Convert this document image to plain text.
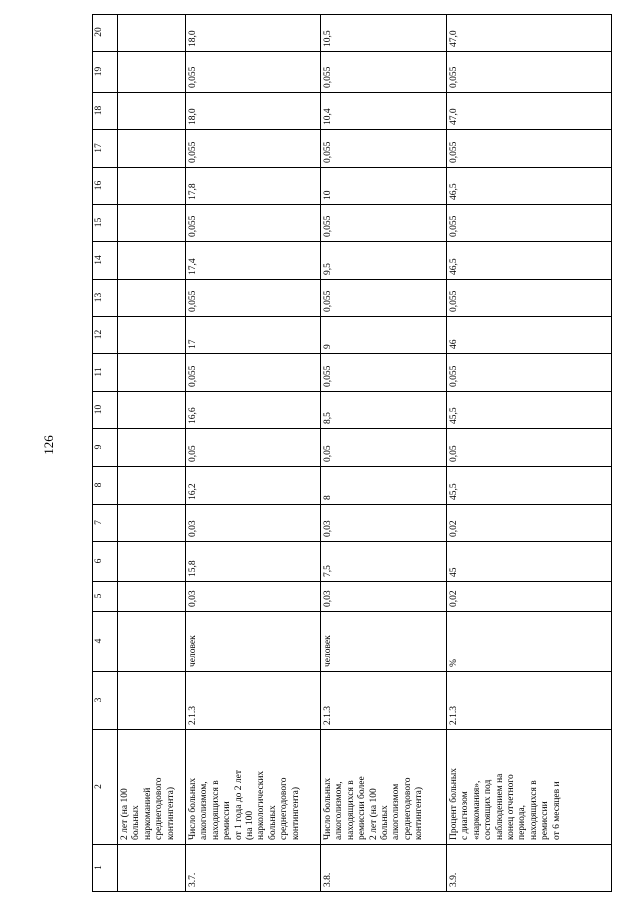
126
1
2
3
4
5
6
7
8
9
10
11
12
13
14
15
16
17
18
19
20
2 лет (на 100
больных
наркоманией
среднегодового
контингента)
3.7.
Число больных
алкоголизмом,
находящихся в
ремиссии
от 1 года до 2 лет
(на 100
наркологических
больных
среднегодового
контингента)
2.1.3
человек
0,03
15,8
0,03
16,2
0,05
16,6
0,055
17
0,055
17,4
0,055
17,8
0,055
18,0
0,055
18,0
3.8.
Число больных
алкоголизмом,
находящихся в
ремиссии более
2 лет (на 100
больных
алкоголизмом
среднегодового
контингента)
2.1.3
человек
0,03
7,5
0,03
8
0,05
8,5
0,055
9
0,055
9,5
0,055
10
0,055
10,4
0,055
10,5
3.9.
Процент больных
с диагнозом
«наркомания»,
состоящих под
наблюдением на
конец отчетного
периода,
находящихся в
ремиссии
от 6 месяцев и
2.1.3
%
0,02
45
0,02
45,5
0,05
45,5
0,055
46
0,055
46,5
0,055
46,5
0,055
47,0
0,055
47,0
